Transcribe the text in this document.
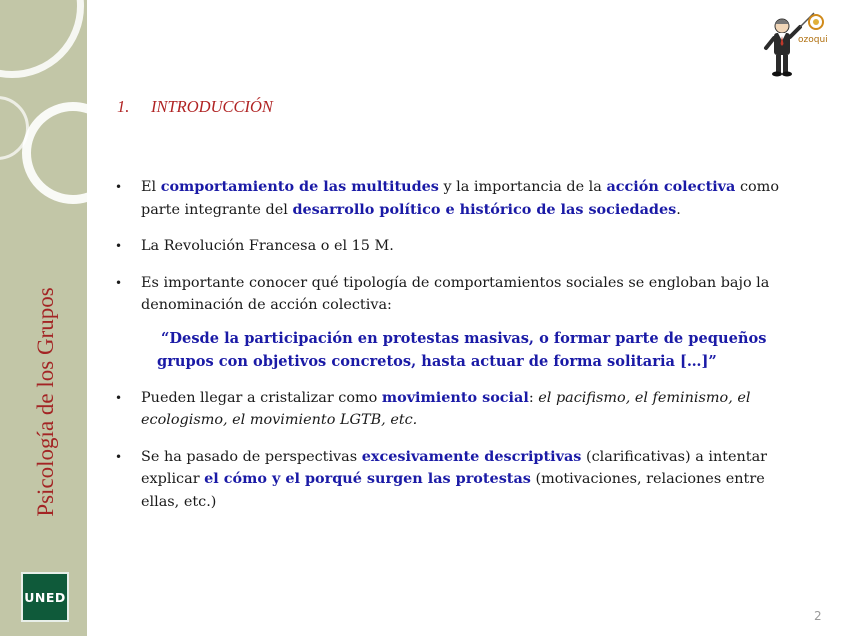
Psicología de los Grupos
UNED
ozoqui
1. INTRODUCCIÓN
• El comportamiento de las multitudes y la importancia de la acción colectiva como parte integrante del desarrollo político e histórico de las sociedades.
• La Revolución Francesa o el 15 M.
• Es importante conocer qué tipología de comportamientos sociales se engloban bajo la denominación de acción colectiva:
“Desde la participación en protestas masivas, o formar parte de pequeños
grupos con objetivos concretos, hasta actuar de forma solitaria […]”
• Pueden llegar a cristalizar como movimiento social: el pacifismo, el feminismo, el ecologismo, el movimiento LGTB, etc.
• Se ha pasado de perspectivas excesivamente descriptivas (clarificativas) a intentar explicar el cómo y el porqué surgen las protestas (motivaciones, relaciones entre ellas, etc.)
2
